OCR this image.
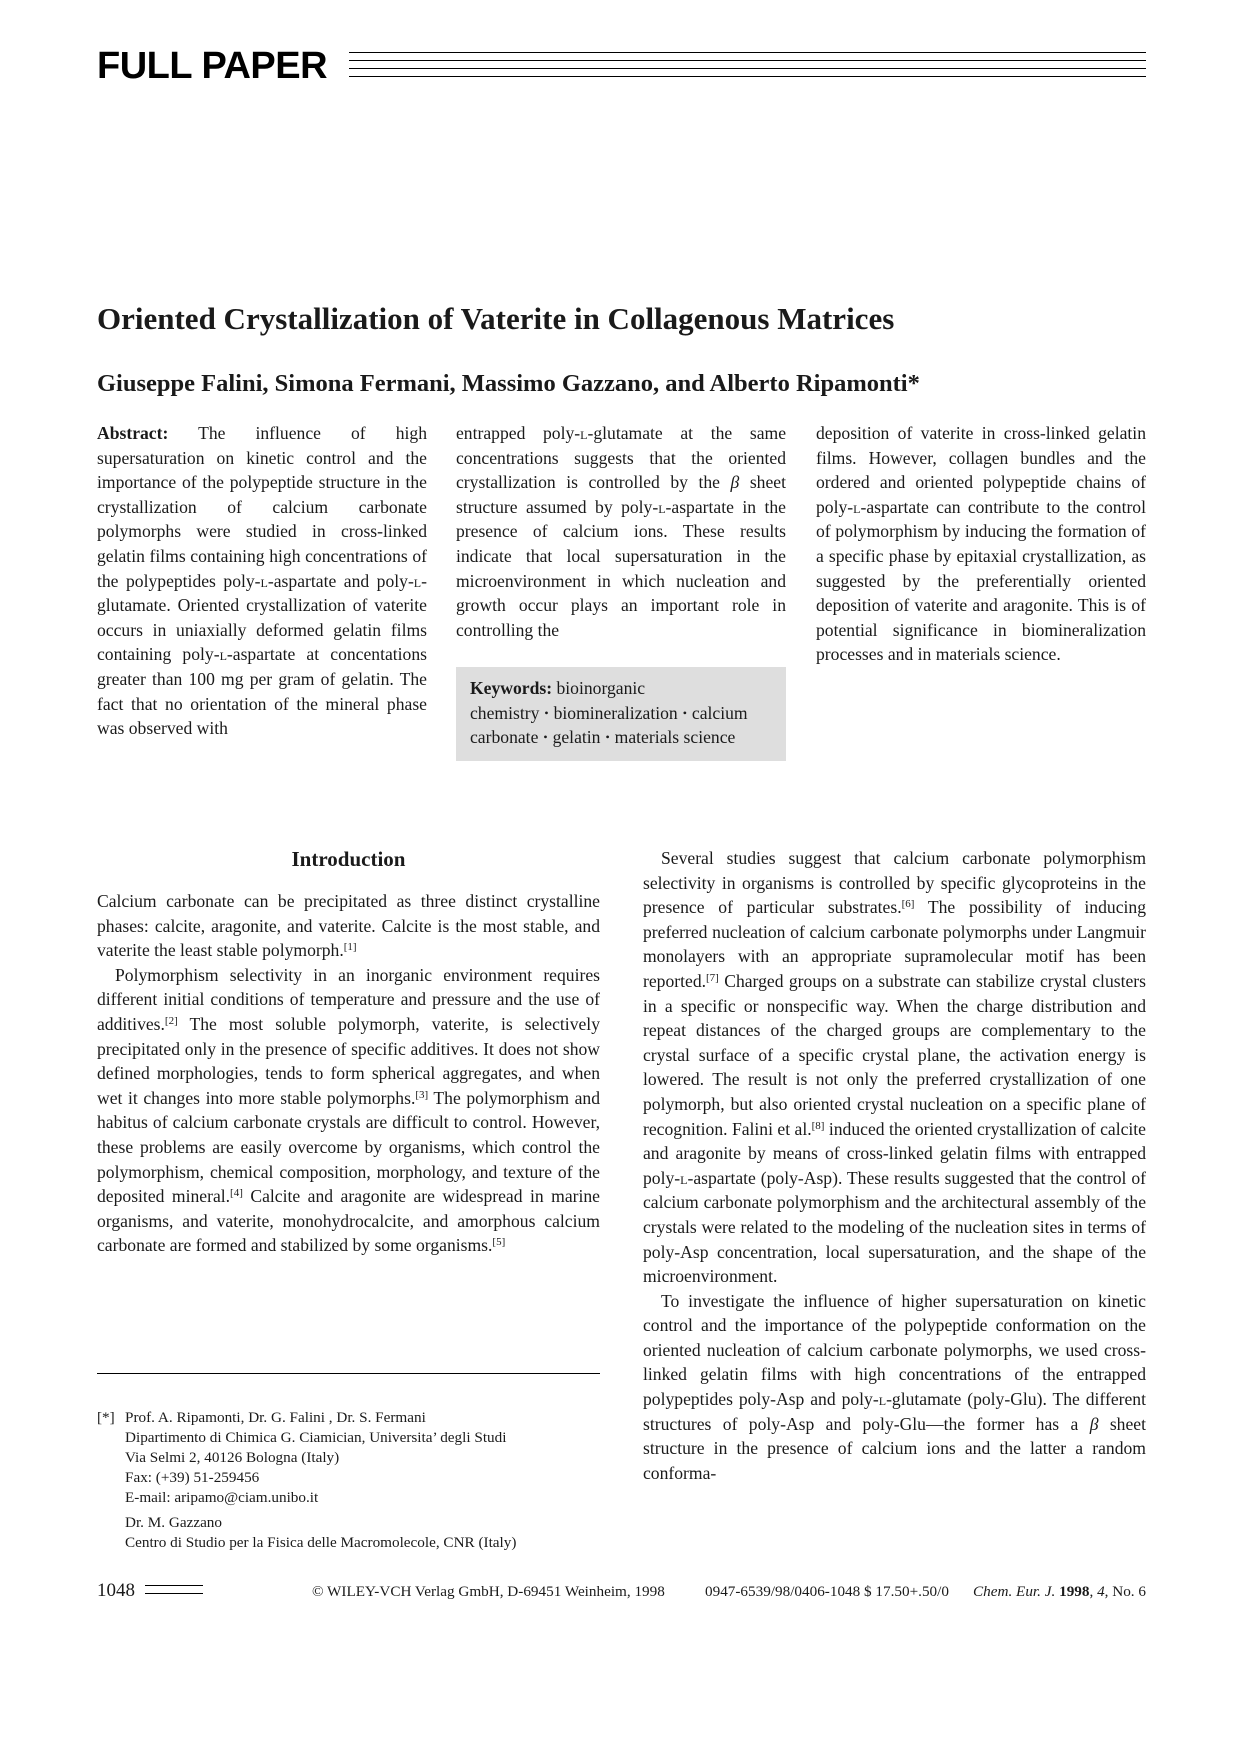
FULL PAPER
Oriented Crystallization of Vaterite in Collagenous Matrices
Giuseppe Falini, Simona Fermani, Massimo Gazzano, and Alberto Ripamonti*

Abstract: The influence of high supersaturation on kinetic control and the importance of the polypeptide structure in the crystallization of calcium carbonate polymorphs were studied in cross-linked gelatin films containing high concentrations of the polypeptides poly-l-aspartate and poly-l-glutamate. Oriented crystallization of vaterite occurs in uniaxially deformed gelatin films containing poly-l-aspartate at concentations greater than 100 mg per gram of gelatin. The fact that no orientation of the mineral phase was observed with

entrapped poly-l-glutamate at the same concentrations suggests that the oriented crystallization is controlled by the β sheet structure assumed by poly-l-aspartate in the presence of calcium ions. These results indicate that local supersaturation in the microenvironment in which nucleation and growth occur plays an important role in controlling the

Keywords: bioinorganic chemistry • biomineralization • calcium carbonate • gelatin • materials science

deposition of vaterite in cross-linked gelatin films. However, collagen bundles and the ordered and oriented polypeptide chains of poly-l-aspartate can contribute to the control of polymorphism by inducing the formation of a specific phase by epitaxial crystallization, as suggested by the preferentially oriented deposition of vaterite and aragonite. This is of potential significance in biomineralization processes and in materials science.

Introduction

Calcium carbonate can be precipitated as three distinct crystalline phases: calcite, aragonite, and vaterite. Calcite is the most stable, and vaterite the least stable polymorph.[1]

Polymorphism selectivity in an inorganic environment requires different initial conditions of temperature and pressure and the use of additives.[2] The most soluble polymorph, vaterite, is selectively precipitated only in the presence of specific additives. It does not show defined morphologies, tends to form spherical aggregates, and when wet it changes into more stable polymorphs.[3] The polymorphism and habitus of calcium carbonate crystals are difficult to control. However, these problems are easily overcome by organisms, which control the polymorphism, chemical composition, morphology, and texture of the deposited mineral.[4] Calcite and aragonite are widespread in marine organisms, and vaterite, monohydrocalcite, and amorphous calcium carbonate are formed and stabilized by some organisms.[5]

[*] Prof. A. Ripamonti, Dr. G. Falini , Dr. S. Fermani
Dipartimento di Chimica G. Ciamician, Universita’ degli Studi
Via Selmi 2, 40126 Bologna (Italy)
Fax: (+39) 51-259456
E-mail: aripamo@ciam.unibo.it
Dr. M. Gazzano
Centro di Studio per la Fisica delle Macromolecole, CNR (Italy)

Several studies suggest that calcium carbonate polymorphism selectivity in organisms is controlled by specific glycoproteins in the presence of particular substrates.[6] The possibility of inducing preferred nucleation of calcium carbonate polymorphs under Langmuir monolayers with an appropriate supramolecular motif has been reported.[7] Charged groups on a substrate can stabilize crystal clusters in a specific or nonspecific way. When the charge distribution and repeat distances of the charged groups are complementary to the crystal surface of a specific crystal plane, the activation energy is lowered. The result is not only the preferred crystallization of one polymorph, but also oriented crystal nucleation on a specific plane of recognition. Falini et al.[8] induced the oriented crystallization of calcite and aragonite by means of cross-linked gelatin films with entrapped poly-l-aspartate (poly-Asp). These results suggested that the control of calcium carbonate polymorphism and the architectural assembly of the crystals were related to the modeling of the nucleation sites in terms of poly-Asp concentration, local supersaturation, and the shape of the microenvironment.

To investigate the influence of higher supersaturation on kinetic control and the importance of the polypeptide conformation on the oriented nucleation of calcium carbonate polymorphs, we used cross-linked gelatin films with high concentrations of the entrapped polypeptides poly-Asp and poly-l-glutamate (poly-Glu). The different structures of poly-Asp and poly-Glu—the former has a β sheet structure in the presence of calcium ions and the latter a random conforma-

1048	© WILEY-VCH Verlag GmbH, D-69451 Weinheim, 1998	0947-6539/98/0406-1048 $ 17.50+.50/0 Chem. Eur. J. 1998, 4, No. 6
